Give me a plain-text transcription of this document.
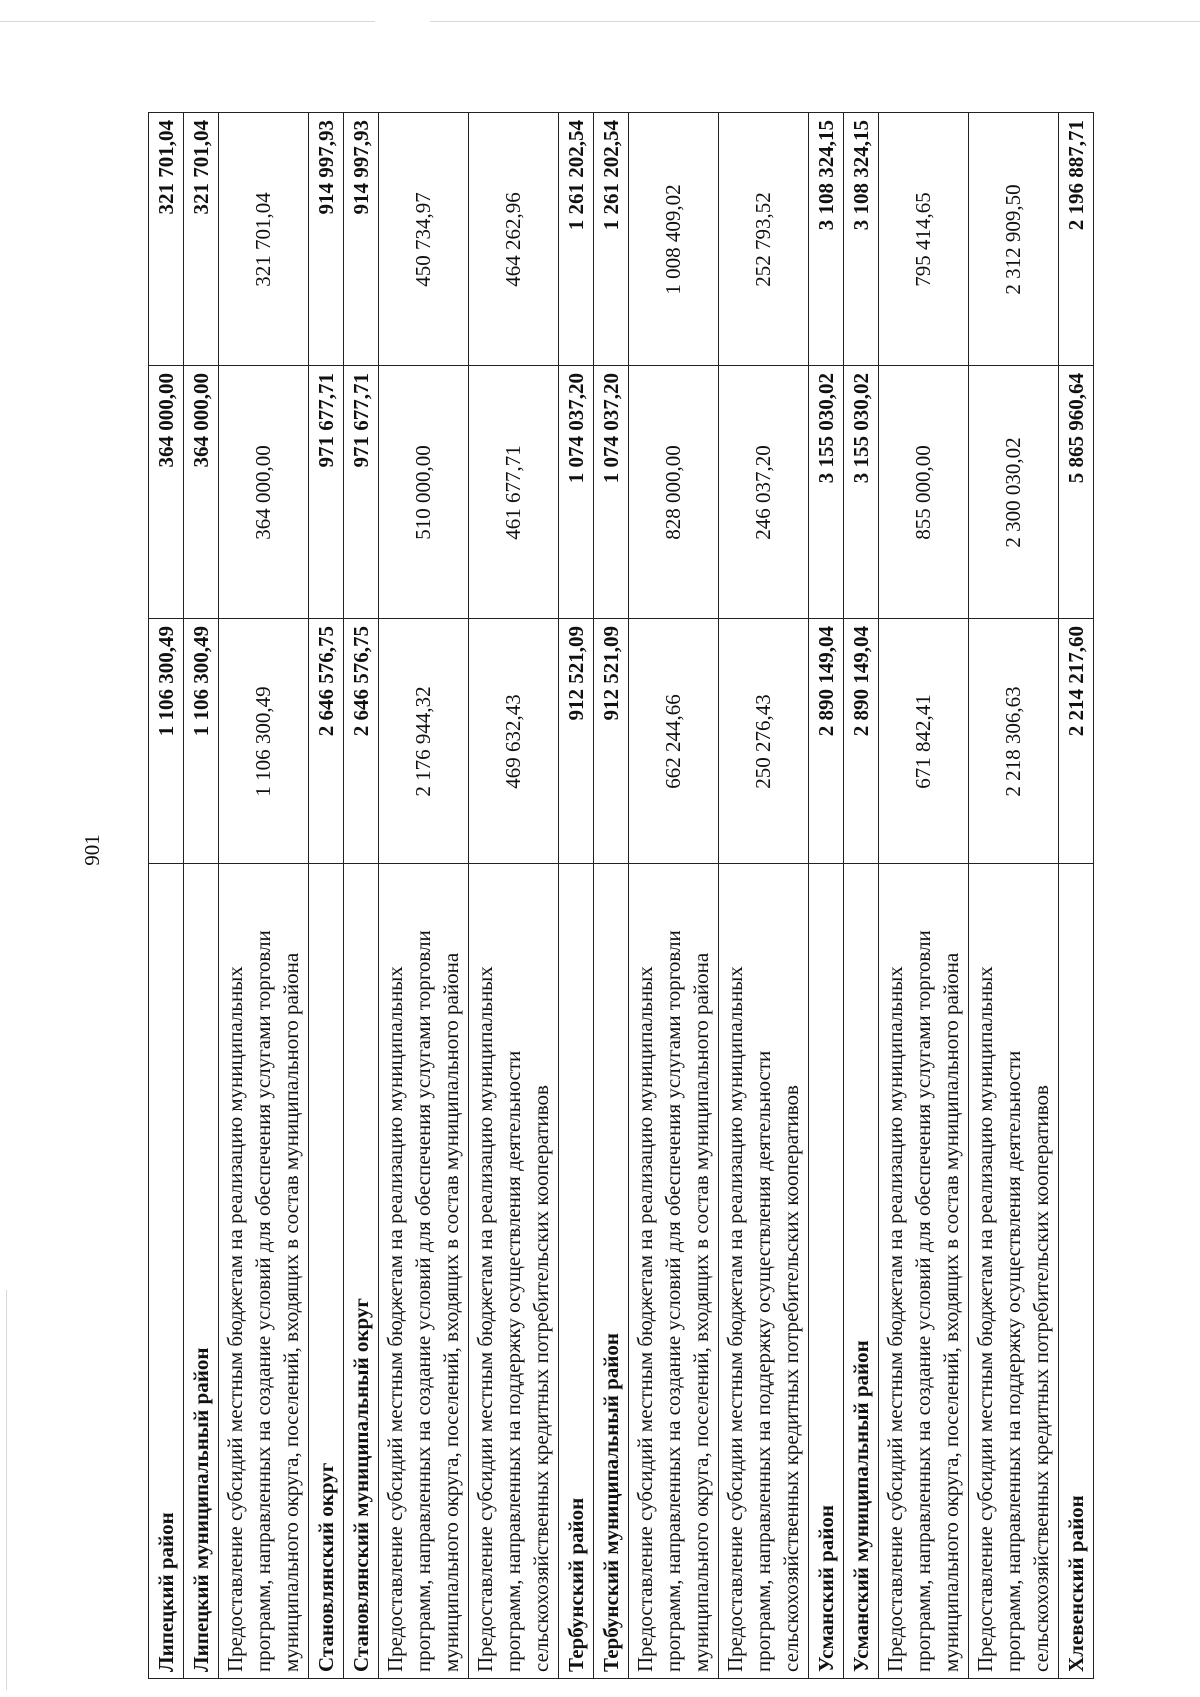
901
Липецкий район	1 106 300,49	364 000,00	321 701,04
Липецкий муниципальный район	1 106 300,49	364 000,00	321 701,04
Предоставление субсидий местным бюджетам на реализацию муниципальных программ, направленных на создание условий для обеспечения услугами торговли муниципального округа, поселений, входящих в состав муниципального района	1 106 300,49	364 000,00	321 701,04
Становлянский округ	2 646 576,75	971 677,71	914 997,93
Становлянский муниципальный округ	2 646 576,75	971 677,71	914 997,93
Предоставление субсидий местным бюджетам на реализацию муниципальных программ, направленных на создание условий для обеспечения услугами торговли муниципального округа, поселений, входящих в состав муниципального района	2 176 944,32	510 000,00	450 734,97
Предоставление субсидии местным бюджетам на реализацию муниципальных программ, направленных на поддержку осуществления деятельности сельскохозяйственных кредитных потребительских кооперативов	469 632,43	461 677,71	464 262,96
Тербунский район	912 521,09	1 074 037,20	1 261 202,54
Тербунский муниципальный район	912 521,09	1 074 037,20	1 261 202,54
Предоставление субсидий местным бюджетам на реализацию муниципальных программ, направленных на создание условий для обеспечения услугами торговли муниципального округа, поселений, входящих в состав муниципального района	662 244,66	828 000,00	1 008 409,02
Предоставление субсидии местным бюджетам на реализацию муниципальных программ, направленных на поддержку осуществления деятельности сельскохозяйственных кредитных потребительских кооперативов	250 276,43	246 037,20	252 793,52
Усманский район	2 890 149,04	3 155 030,02	3 108 324,15
Усманский муниципальный район	2 890 149,04	3 155 030,02	3 108 324,15
Предоставление субсидий местным бюджетам на реализацию муниципальных программ, направленных на создание условий для обеспечения услугами торговли муниципального округа, поселений, входящих в состав муниципального района	671 842,41	855 000,00	795 414,65
Предоставление субсидии местным бюджетам на реализацию муниципальных программ, направленных на поддержку осуществления деятельности сельскохозяйственных кредитных потребительских кооперативов	2 218 306,63	2 300 030,02	2 312 909,50
Хлевенский район	2 214 217,60	5 865 960,64	2 196 887,71
